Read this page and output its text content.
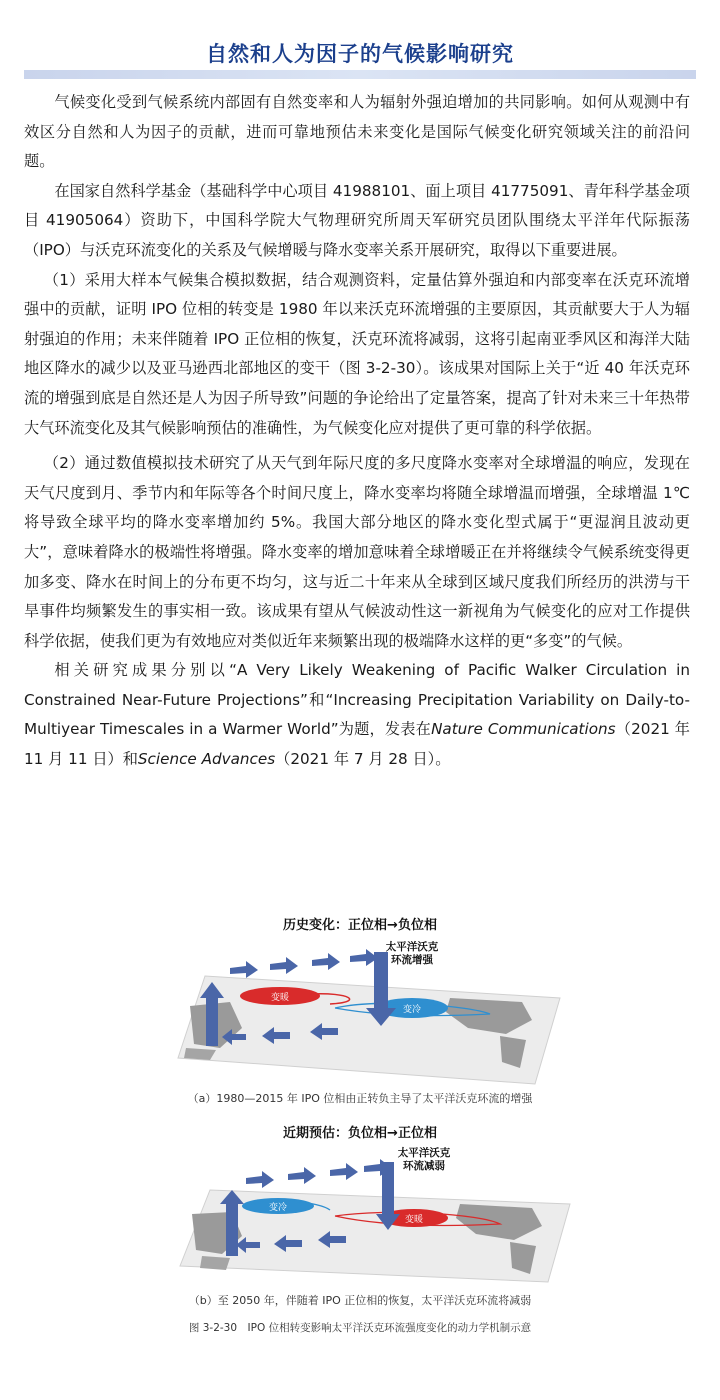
自然和人为因子的气候影响研究

气候变化受到气候系统内部固有自然变率和人为辐射外强迫增加的共同影响。如何从观测中有效区分自然和人为因子的贡献，进而可靠地预估未来变化是国际气候变化研究领域关注的前沿问题。

在国家自然科学基金（基础科学中心项目 41988101、面上项目 41775091、青年科学基金项目 41905064）资助下，中国科学院大气物理研究所周天军研究员团队围绕太平洋年代际振荡（IPO）与沃克环流变化的关系及气候增暖与降水变率关系开展研究，取得以下重要进展。

（1）采用大样本气候集合模拟数据，结合观测资料，定量估算外强迫和内部变率在沃克环流增强中的贡献，证明 IPO 位相的转变是 1980 年以来沃克环流增强的主要原因，其贡献要大于人为辐射强迫的作用；未来伴随着 IPO 正位相的恢复，沃克环流将减弱，这将引起南亚季风区和海洋大陆地区降水的减少以及亚马逊西北部地区的变干（图 3-2-30）。该成果对国际上关于“近 40 年沃克环流的增强到底是自然还是人为因子所导致”问题的争论给出了定量答案，提高了针对未来三十年热带大气环流变化及其气候影响预估的准确性，为气候变化应对提供了更可靠的科学依据。

（2）通过数值模拟技术研究了从天气到年际尺度的多尺度降水变率对全球增温的响应，发现在天气尺度到月、季节内和年际等各个时间尺度上，降水变率均将随全球增温而增强，全球增温 1℃将导致全球平均的降水变率增加约 5%。我国大部分地区的降水变化型式属于“更湿润且波动更大”，意味着降水的极端性将增强。降水变率的增加意味着全球增暖正在并将继续令气候系统变得更加多变、降水在时间上的分布更不均匀，这与近二十年来从全球到区域尺度我们所经历的洪涝与干旱事件均频繁发生的事实相一致。该成果有望从气候波动性这一新视角为气候变化的应对工作提供科学依据，使我们更为有效地应对类似近年来频繁出现的极端降水这样的更“多变”的气候。

相关研究成果分别以“A Very Likely Weakening of Pacific Walker Circulation in Constrained Near-Future Projections”和“Increasing Precipitation Variability on Daily-to-Multiyear Timescales in a Warmer World”为题，发表在Nature Communications（2021 年 11 月 11 日）和Science Advances（2021 年 7 月 28 日）。

历史变化：正位相→负位相
变暖
变冷
太平洋沃克
环流增强
（a）1980—2015 年 IPO 位相由正转负主导了太平洋沃克环流的增强
近期预估：负位相→正位相
变冷
变暖
太平洋沃克
环流减弱
（b）至 2050 年，伴随着 IPO 正位相的恢复，太平洋沃克环流将减弱
图 3-2-30　IPO 位相转变影响太平洋沃克环流强度变化的动力学机制示意
